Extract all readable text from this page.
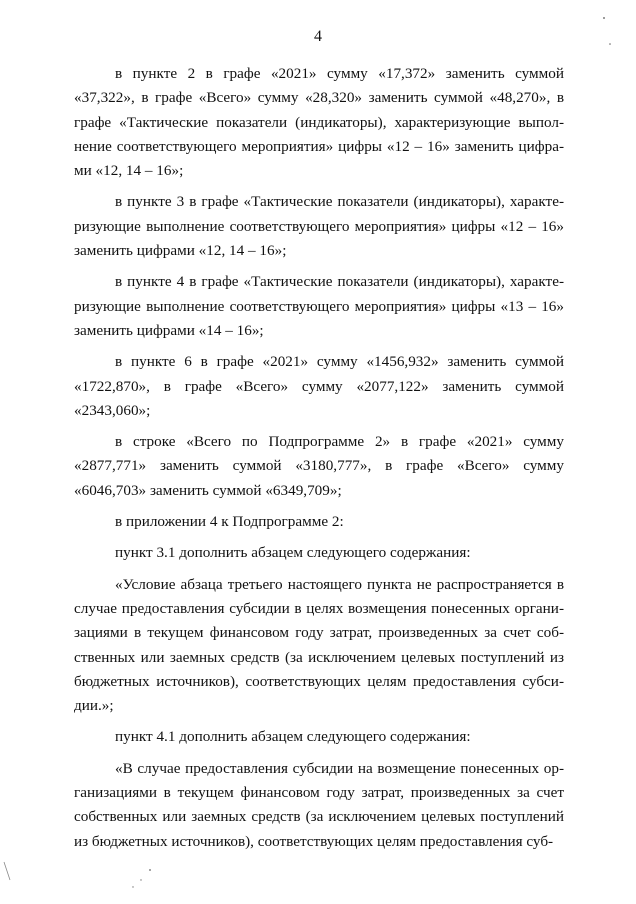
4

в пункте 2 в графе «2021» сумму «17,372» заменить суммой «37,322», в графе «Всего» сумму «28,320» заменить суммой «48,270», в графе «Тактические показатели (индикаторы), характеризующие выполнение соответствующего мероприятия» цифры «12 – 16» заменить цифрами «12, 14 – 16»;

в пункте 3 в графе «Тактические показатели (индикаторы), характеризующие выполнение соответствующего мероприятия» цифры «12 – 16» заменить цифрами «12, 14 – 16»;

в пункте 4 в графе «Тактические показатели (индикаторы), характеризующие выполнение соответствующего мероприятия» цифры «13 – 16» заменить цифрами «14 – 16»;

в пункте 6 в графе «2021» сумму «1456,932» заменить суммой «1722,870», в графе «Всего» сумму «2077,122» заменить суммой «2343,060»;

в строке «Всего по Подпрограмме 2» в графе «2021» сумму «2877,771» заменить суммой «3180,777», в графе «Всего» сумму «6046,703» заменить суммой «6349,709»;

в приложении 4 к Подпрограмме 2:

пункт 3.1 дополнить абзацем следующего содержания:

«Условие абзаца третьего настоящего пункта не распространяется в случае предоставления субсидии в целях возмещения понесенных организациями в текущем финансовом году затрат, произведенных за счет собственных или заемных средств (за исключением целевых поступлений из бюджетных источников), соответствующих целям предоставления субсидии.»;

пункт 4.1 дополнить абзацем следующего содержания:

«В случае предоставления субсидии на возмещение понесенных организациями в текущем финансовом году затрат, произведенных за счет собственных или заемных средств (за исключением целевых поступлений из бюджетных источников), соответствующих целям предоставления суб-
